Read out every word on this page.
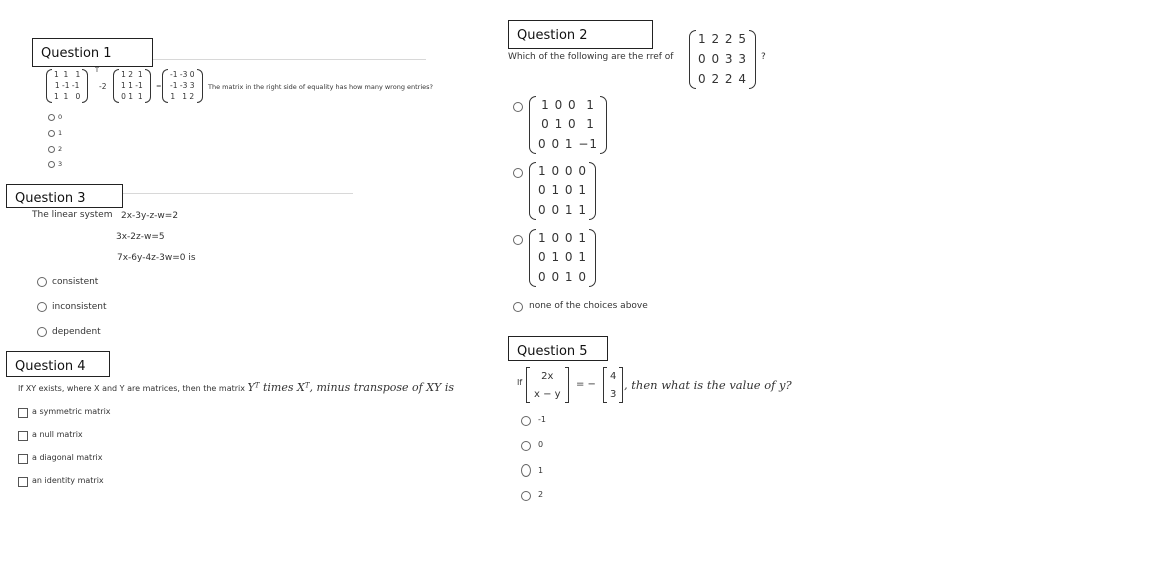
Question 1
1  1   1
1 -1 -1
1  1   0
T
-2
1 2  1
1 1 -1
0 1  1
=
-1 -3 0
-1 -3 3
1   1 2
The matrix in the right side of equality has how many wrong entries?
0
1
2
3
Question 3
The linear system 2x-3y-z-w=2
3x-2z-w=5
7x-6y-4z-3w=0 is
consistent
inconsistent
dependent
Question 4
If XY exists, where X and Y are matrices, then the matrix $Y^T$ times $X^T$, minus transpose of XY is
a symmetric matrix
a null matrix
a diagonal matrix
an identity matrix
Question 2
Which of the following are the rref of
1 2 2 5
0 0 3 3
0 2 2 4
?
1 0 0  1
0 1 0  1
0 0 1 −1
1 0 0 0
0 1 0 1
0 0 1 1
1 0 0 1
0 1 0 1
0 0 1 0
none of the choices above
Question 5
If
2x
x − y
= −
4
3
, then what is the value of y?
-1
0
1
2
